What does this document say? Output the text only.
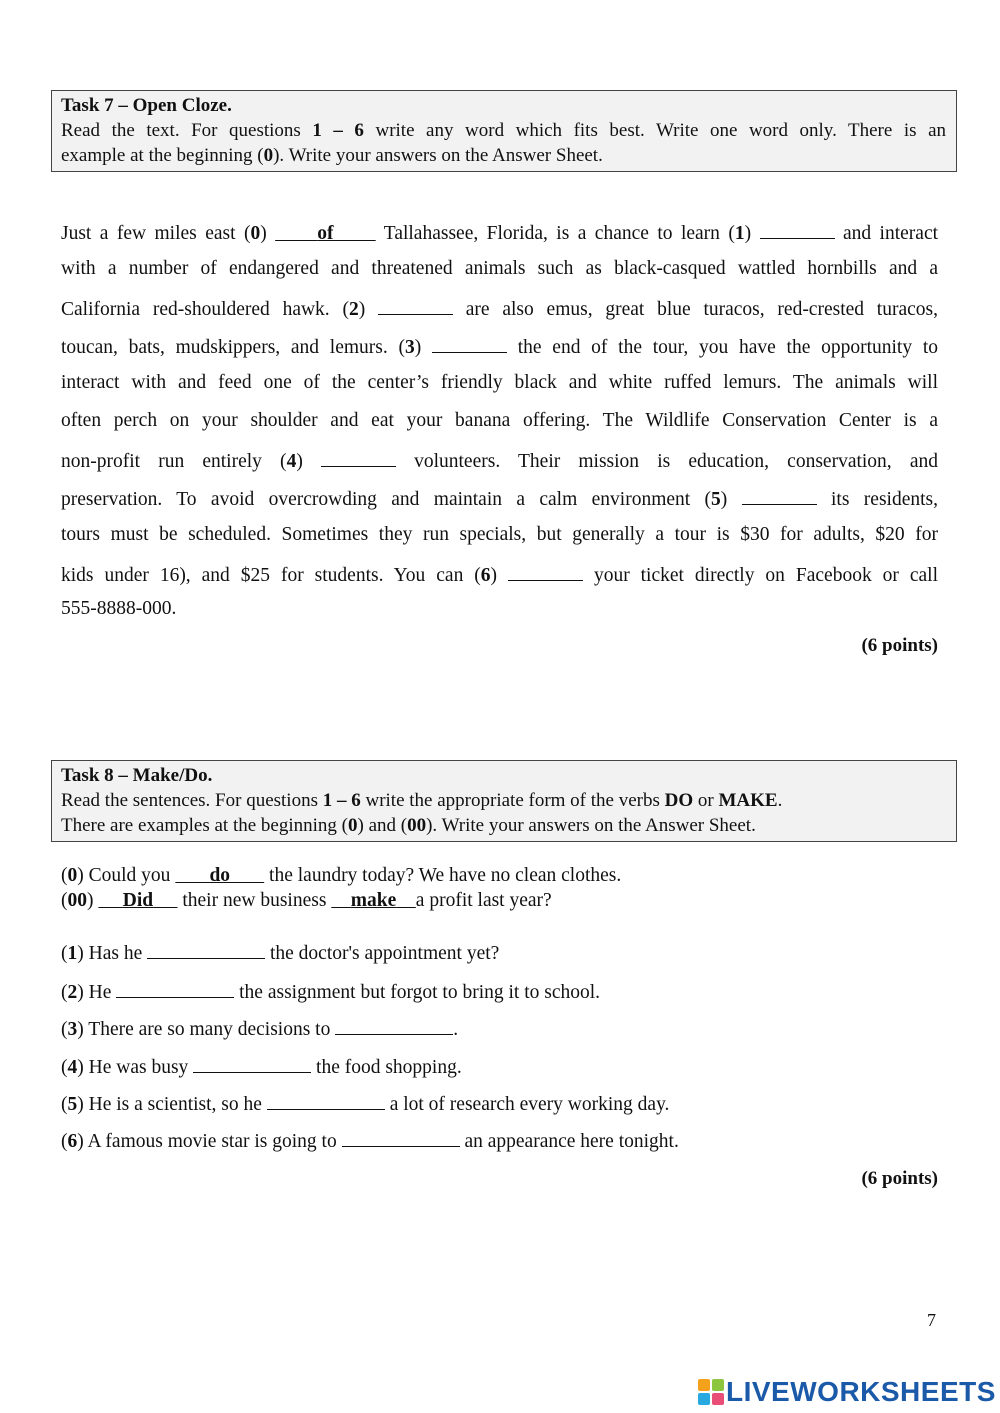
Task 7 – Open Cloze.
Read the text. For questions 1 – 6 write any word which fits best. Write one word only. There is an
example at the beginning (0). Write your answers on the Answer Sheet.
Just a few miles east (0)      of      Tallahassee, Florida, is a chance to learn (1)	and interact
with a number of endangered and threatened animals such as black-casqued wattled hornbills and a
California red-shouldered hawk. (2)	are also emus, great blue turacos, red-crested turacos,
toucan, bats, mudskippers, and lemurs. (3)	the end of the tour, you have the opportunity to
interact with and feed one of the center’s friendly black and white ruffed lemurs. The animals will
often perch on your shoulder and eat your banana offering. The Wildlife Conservation Center is a
non-profit run entirely (4)	volunteers. Their mission is education, conservation, and
preservation. To avoid overcrowding and maintain a calm environment (5)	its residents,
tours must be scheduled. Sometimes they run specials, but generally a tour is $30 for adults, $20 for
kids under 16), and $25 for students. You can (6)	your ticket directly on Facebook or call
555-8888-000.
(6 points)
Task 8 – Make/Do.
Read the sentences. For questions 1 – 6 write the appropriate form of the verbs DO or MAKE.
There are examples at the beginning (0) and (00). Write your answers on the Answer Sheet.
(0) Could you        do        the laundry today? We have no clean clothes.
(00)      Did      their new business     make a profit last year?
(1) Has he	the doctor's appointment yet?
(2) He	the assignment but forgot to bring it to school.
(3) There are so many decisions to	.
(4) He was busy	the food shopping.
(5) He is a scientist, so he	a lot of research every working day.
(6) A famous movie star is going to	an appearance here tonight.
(6 points)
7
LIVEWORKSHEETS
